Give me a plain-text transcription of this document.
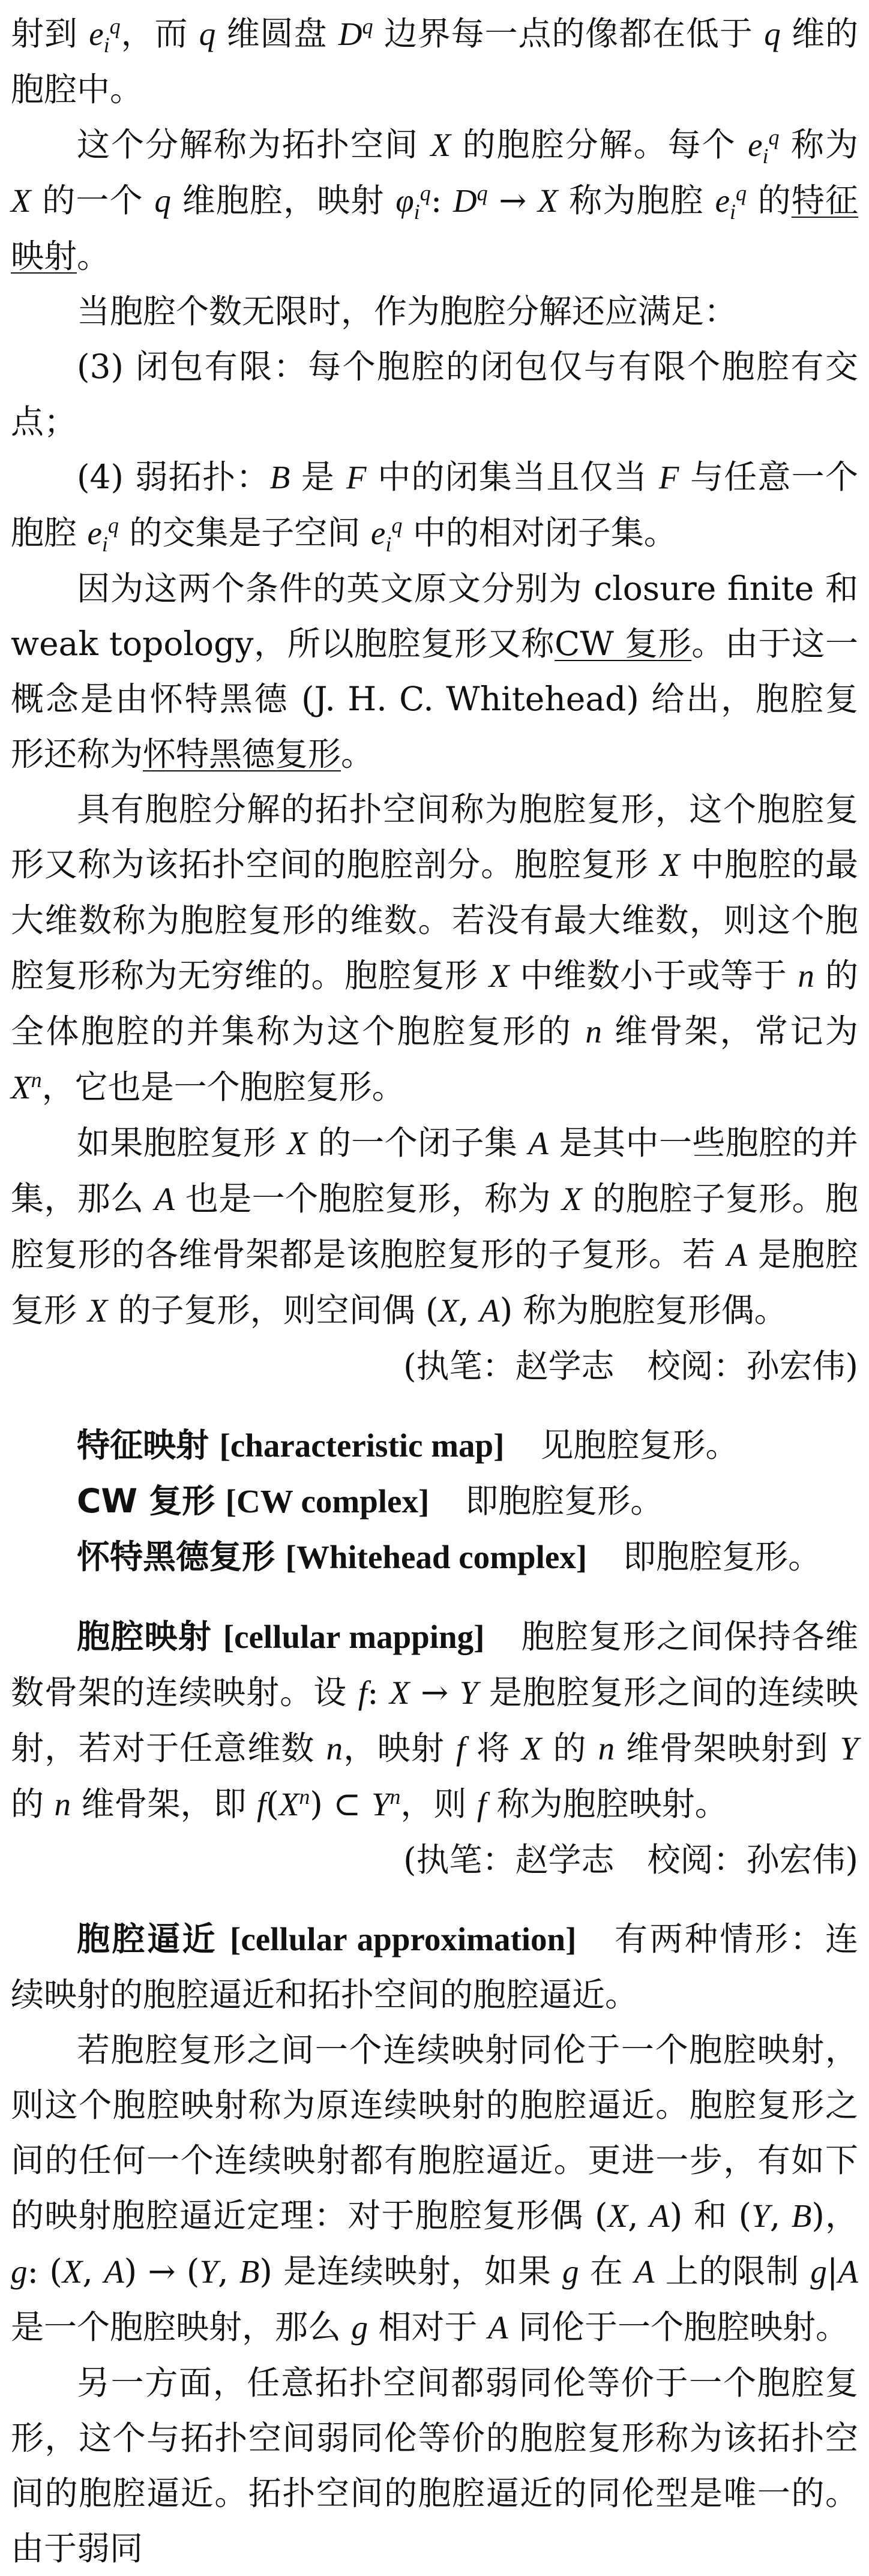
射到 $e_i^q$，而 q 维圆盘 $D^q$ 边界每一点的像都在低于 q 维的胞腔中。

这个分解称为拓扑空间 X 的胞腔分解。每个 $e_i^q$ 称为 X 的一个 q 维胞腔，映射 $\varphi_i^q$: $D^q \to X$ 称为胞腔 $e_i^q$ 的特征映射。

当胞腔个数无限时，作为胞腔分解还应满足：

(3) 闭包有限：每个胞腔的闭包仅与有限个胞腔有交点；

(4) 弱拓扑：B 是 F 中的闭集当且仅当 F 与任意一个胞腔 $e_i^q$ 的交集是子空间 $e_i^q$ 中的相对闭子集。

因为这两个条件的英文原文分别为 closure finite 和 weak topology，所以胞腔复形又称CW 复形。由于这一概念是由怀特黑德 (J. H. C. Whitehead) 给出，胞腔复形还称为怀特黑德复形。

具有胞腔分解的拓扑空间称为胞腔复形，这个胞腔复形又称为该拓扑空间的胞腔剖分。胞腔复形 X 中胞腔的最大维数称为胞腔复形的维数。若没有最大维数，则这个胞腔复形称为无穷维的。胞腔复形 X 中维数小于或等于 n 的全体胞腔的并集称为这个胞腔复形的 n 维骨架，常记为 $X^n$，它也是一个胞腔复形。

如果胞腔复形 X 的一个闭子集 A 是其中一些胞腔的并集，那么 A 也是一个胞腔复形，称为 X 的胞腔子复形。胞腔复形的各维骨架都是该胞腔复形的子复形。若 A 是胞腔复形 X 的子复形，则空间偶 (X, A) 称为胞腔复形偶。

(执笔：赵学志　校阅：孙宏伟)

特征映射 [characteristic map] 见胞腔复形。

CW 复形 [CW complex] 即胞腔复形。

怀特黑德复形 [Whitehead complex] 即胞腔复形。

胞腔映射 [cellular mapping] 胞腔复形之间保持各维数骨架的连续映射。设 f: X → Y 是胞腔复形之间的连续映射，若对于任意维数 n，映射 f 将 X 的 n 维骨架映射到 Y 的 n 维骨架，即 $f(X^n)$ ⊂ $Y^n$，则 f 称为胞腔映射。

(执笔：赵学志　校阅：孙宏伟)

胞腔逼近 [cellular approximation] 有两种情形：连续映射的胞腔逼近和拓扑空间的胞腔逼近。

若胞腔复形之间一个连续映射同伦于一个胞腔映射，则这个胞腔映射称为原连续映射的胞腔逼近。胞腔复形之间的任何一个连续映射都有胞腔逼近。更进一步，有如下的映射胞腔逼近定理：对于胞腔复形偶 (X, A) 和 (Y, B)，g: (X, A) → (Y, B) 是连续映射，如果 g 在 A 上的限制 g|A 是一个胞腔映射，那么 g 相对于 A 同伦于一个胞腔映射。

另一方面，任意拓扑空间都弱同伦等价于一个胞腔复形，这个与拓扑空间弱同伦等价的胞腔复形称为该拓扑空间的胞腔逼近。拓扑空间的胞腔逼近的同伦型是唯一的。由于弱同
